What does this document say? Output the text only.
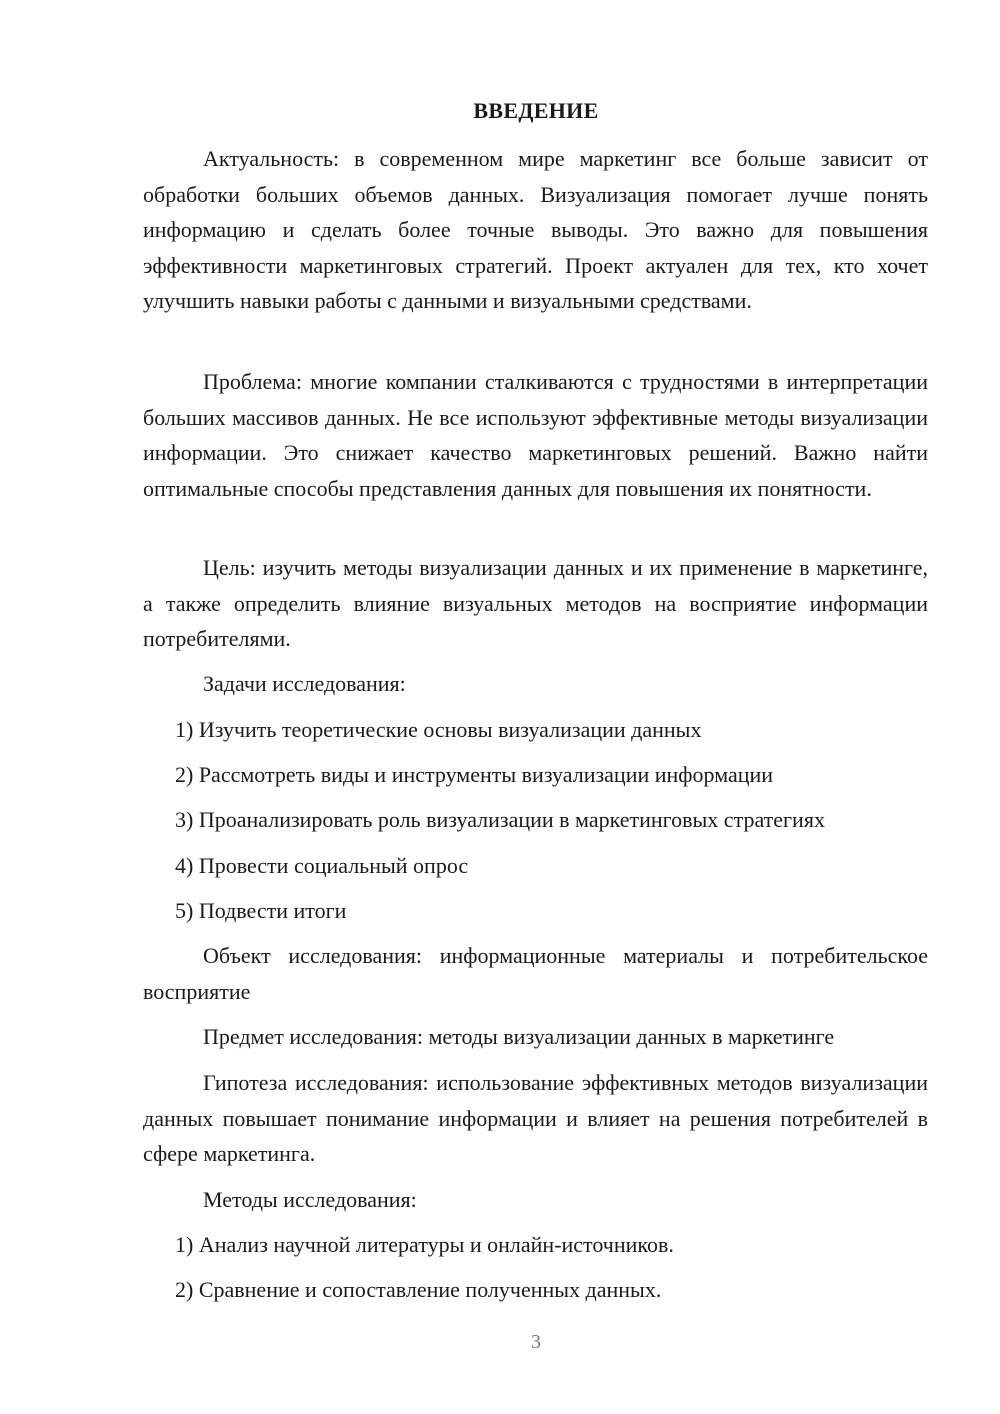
ВВЕДЕНИЕ

Актуальность: в современном мире маркетинг все больше зависит от обработки больших объемов данных. Визуализация помогает лучше понять информацию и сделать более точные выводы. Это важно для повышения эффективности маркетинговых стратегий. Проект актуален для тех, кто хочет улучшить навыки работы с данными и визуальными средствами.

Проблема: многие компании сталкиваются с трудностями в интерпретации больших массивов данных. Не все используют эффективные методы визуализации информации. Это снижает качество маркетинговых решений. Важно найти оптимальные способы представления данных для повышения их понятности.

Цель: изучить методы визуализации данных и их применение в маркетинге, а также определить влияние визуальных методов на восприятие информации потребителями.

Задачи исследования:

1) Изучить теоретические основы визуализации данных
2) Рассмотреть виды и инструменты визуализации информации
3) Проанализировать роль визуализации в маркетинговых стратегиях
4) Провести социальный опрос
5) Подвести итоги

Объект исследования: информационные материалы и потребительское восприятие

Предмет исследования: методы визуализации данных в маркетинге

Гипотеза исследования: использование эффективных методов визуализации данных повышает понимание информации и влияет на решения потребителей в сфере маркетинга.

Методы исследования:

1) Анализ научной литературы и онлайн-источников.
2) Сравнение и сопоставление полученных данных.
3
